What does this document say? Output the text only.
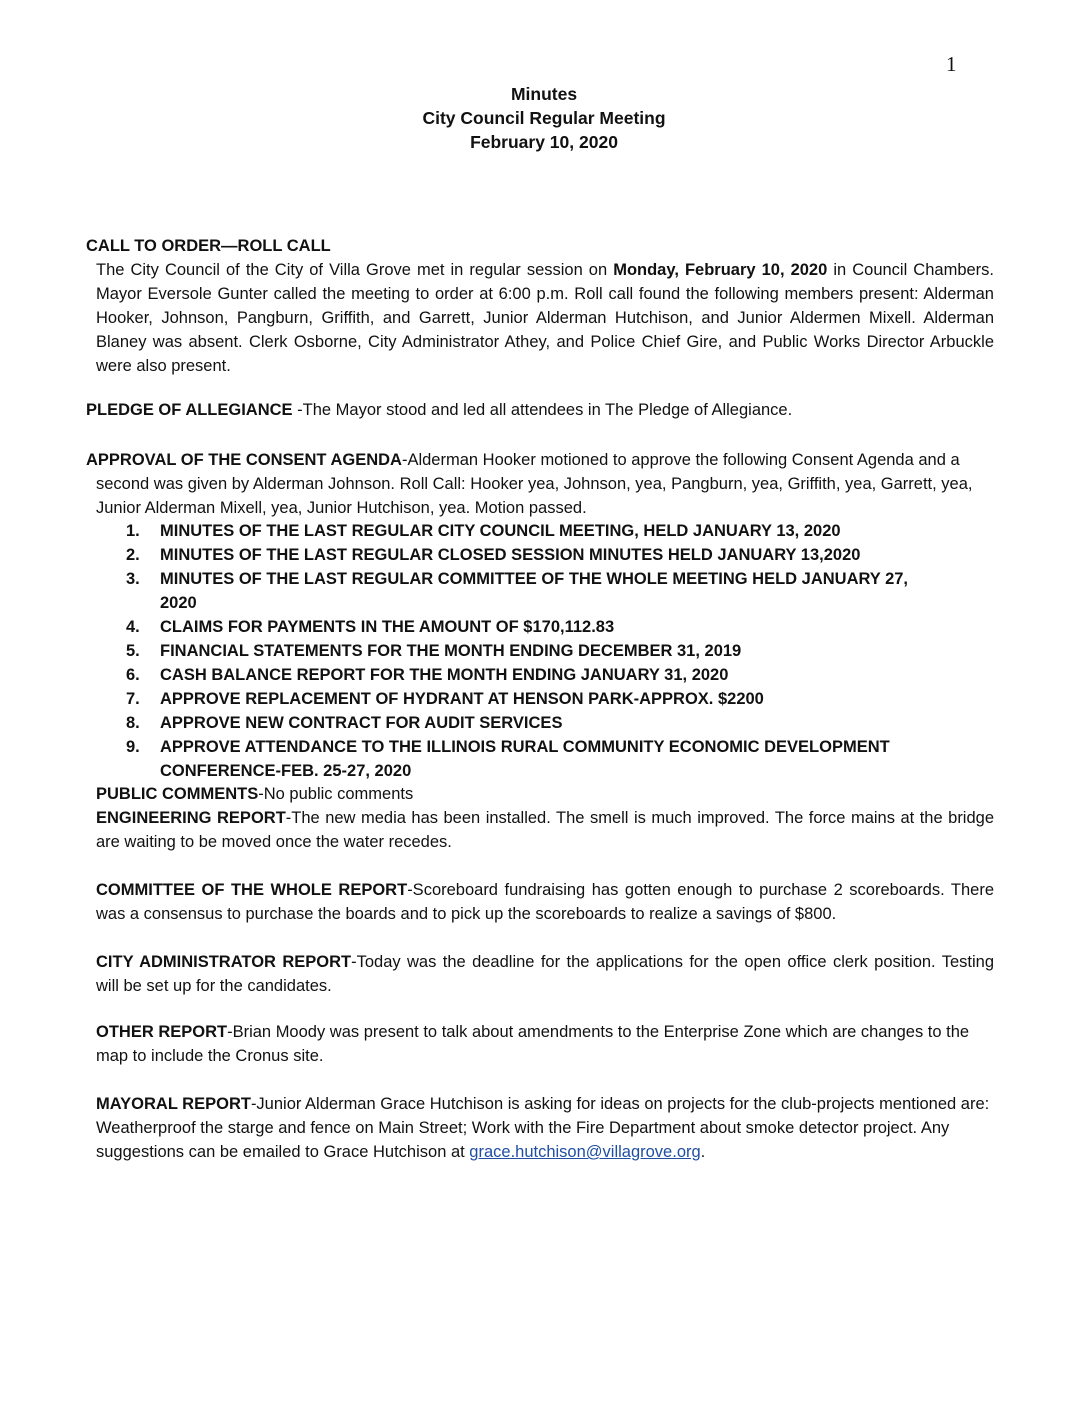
1
Minutes
City Council Regular Meeting
February 10, 2020
CALL TO ORDER—ROLL CALL
The City Council of the City of Villa Grove met in regular session on Monday, February 10, 2020 in Council Chambers. Mayor Eversole Gunter called the meeting to order at 6:00 p.m. Roll call found the following members present: Alderman Hooker, Johnson, Pangburn, Griffith, and Garrett, Junior Alderman Hutchison, and Junior Aldermen Mixell. Alderman Blaney was absent. Clerk Osborne, City Administrator Athey, and Police Chief Gire, and Public Works Director Arbuckle were also present.
PLEDGE OF ALLEGIANCE -The Mayor stood and led all attendees in The Pledge of Allegiance.
APPROVAL OF THE CONSENT AGENDA-Alderman Hooker motioned to approve the following Consent Agenda and a second was given by Alderman Johnson. Roll Call: Hooker yea, Johnson, yea, Pangburn, yea, Griffith, yea, Garrett, yea, Junior Alderman Mixell, yea, Junior Hutchison, yea. Motion passed.
1. MINUTES OF THE LAST REGULAR CITY COUNCIL MEETING, HELD JANUARY 13, 2020
2. MINUTES OF THE LAST REGULAR CLOSED SESSION MINUTES HELD JANUARY 13,2020
3. MINUTES OF THE LAST REGULAR COMMITTEE OF THE WHOLE MEETING HELD JANUARY 27, 2020
4. CLAIMS FOR PAYMENTS IN THE AMOUNT OF $170,112.83
5. FINANCIAL STATEMENTS FOR THE MONTH ENDING DECEMBER 31, 2019
6. CASH BALANCE REPORT FOR THE MONTH ENDING JANUARY 31, 2020
7. APPROVE REPLACEMENT OF HYDRANT AT HENSON PARK-APPROX. $2200
8. APPROVE NEW CONTRACT FOR AUDIT SERVICES
9. APPROVE ATTENDANCE TO THE ILLINOIS RURAL COMMUNITY ECONOMIC DEVELOPMENT CONFERENCE-FEB. 25-27, 2020
PUBLIC COMMENTS-No public comments
ENGINEERING REPORT-The new media has been installed. The smell is much improved. The force mains at the bridge are waiting to be moved once the water recedes.
COMMITTEE OF THE WHOLE REPORT-Scoreboard fundraising has gotten enough to purchase 2 scoreboards. There was a consensus to purchase the boards and to pick up the scoreboards to realize a savings of $800.
CITY ADMINISTRATOR REPORT-Today was the deadline for the applications for the open office clerk position. Testing will be set up for the candidates.
OTHER REPORT-Brian Moody was present to talk about amendments to the Enterprise Zone which are changes to the map to include the Cronus site.
MAYORAL REPORT-Junior Alderman Grace Hutchison is asking for ideas on projects for the club-projects mentioned are: Weatherproof the starge and fence on Main Street; Work with the Fire Department about smoke detector project. Any suggestions can be emailed to Grace Hutchison at grace.hutchison@villagrove.org.
